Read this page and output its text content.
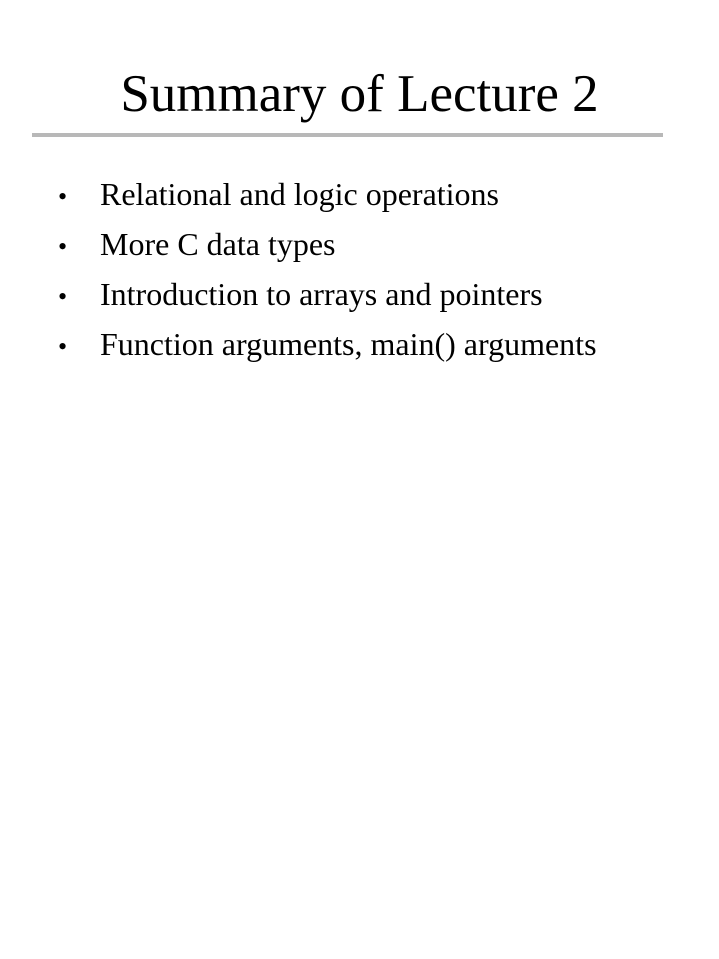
Summary of Lecture 2
•	Relational and logic operations
•	More C data types
•	Introduction to arrays and pointers
•	Function arguments, main() arguments
